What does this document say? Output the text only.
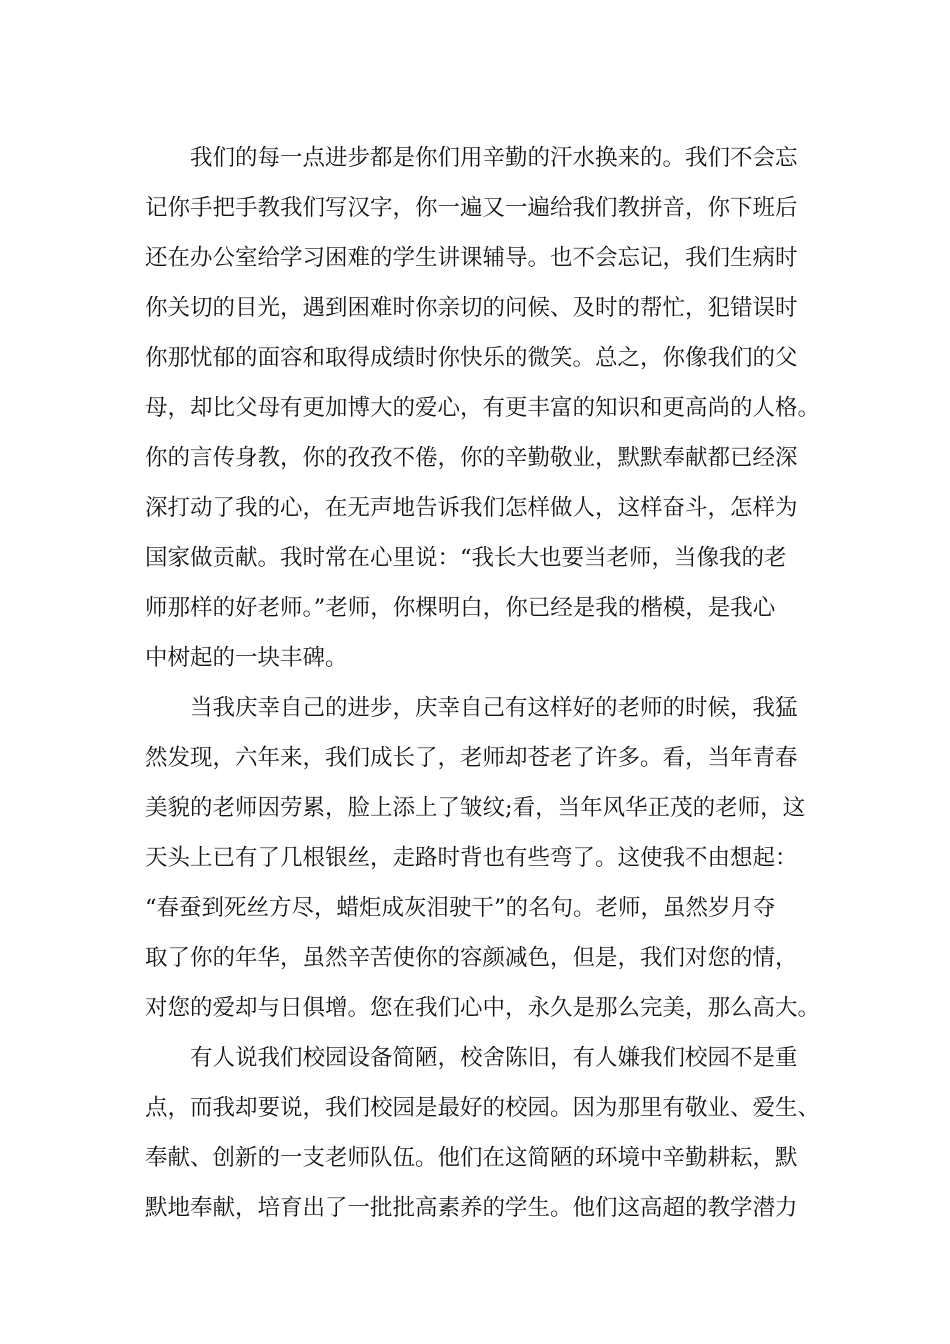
　　我们的每一点进步都是你们用辛勤的汗水换来的。我们不会忘
记你手把手教我们写汉字，你一遍又一遍给我们教拼音，你下班后
还在办公室给学习困难的学生讲课辅导。也不会忘记，我们生病时
你关切的目光，遇到困难时你亲切的问候、及时的帮忙，犯错误时
你那忧郁的面容和取得成绩时你快乐的微笑。总之，你像我们的父
母，却比父母有更加博大的爱心，有更丰富的知识和更高尚的人格。
你的言传身教，你的孜孜不倦，你的辛勤敬业，默默奉献都已经深
深打动了我的心，在无声地告诉我们怎样做人，这样奋斗，怎样为
国家做贡献。我时常在心里说：“我长大也要当老师，当像我的老
师那样的好老师。”老师，你棵明白，你已经是我的楷模，是我心
中树起的一块丰碑。
　　当我庆幸自己的进步，庆幸自己有这样好的老师的时候，我猛
然发现，六年来，我们成长了，老师却苍老了许多。看，当年青春
美貌的老师因劳累，脸上添上了皱纹;看，当年风华正茂的老师，这
天头上已有了几根银丝，走路时背也有些弯了。这使我不由想起：
“春蚕到死丝方尽，蜡炬成灰泪驶干”的名句。老师，虽然岁月夺
取了你的年华，虽然辛苦使你的容颜减色，但是，我们对您的情，
对您的爱却与日俱增。您在我们心中，永久是那么完美，那么高大。
　　有人说我们校园设备简陋，校舍陈旧，有人嫌我们校园不是重
点，而我却要说，我们校园是最好的校园。因为那里有敬业、爱生、
奉献、创新的一支老师队伍。他们在这简陋的环境中辛勤耕耘，默
默地奉献，培育出了一批批高素养的学生。他们这高超的教学潜力
